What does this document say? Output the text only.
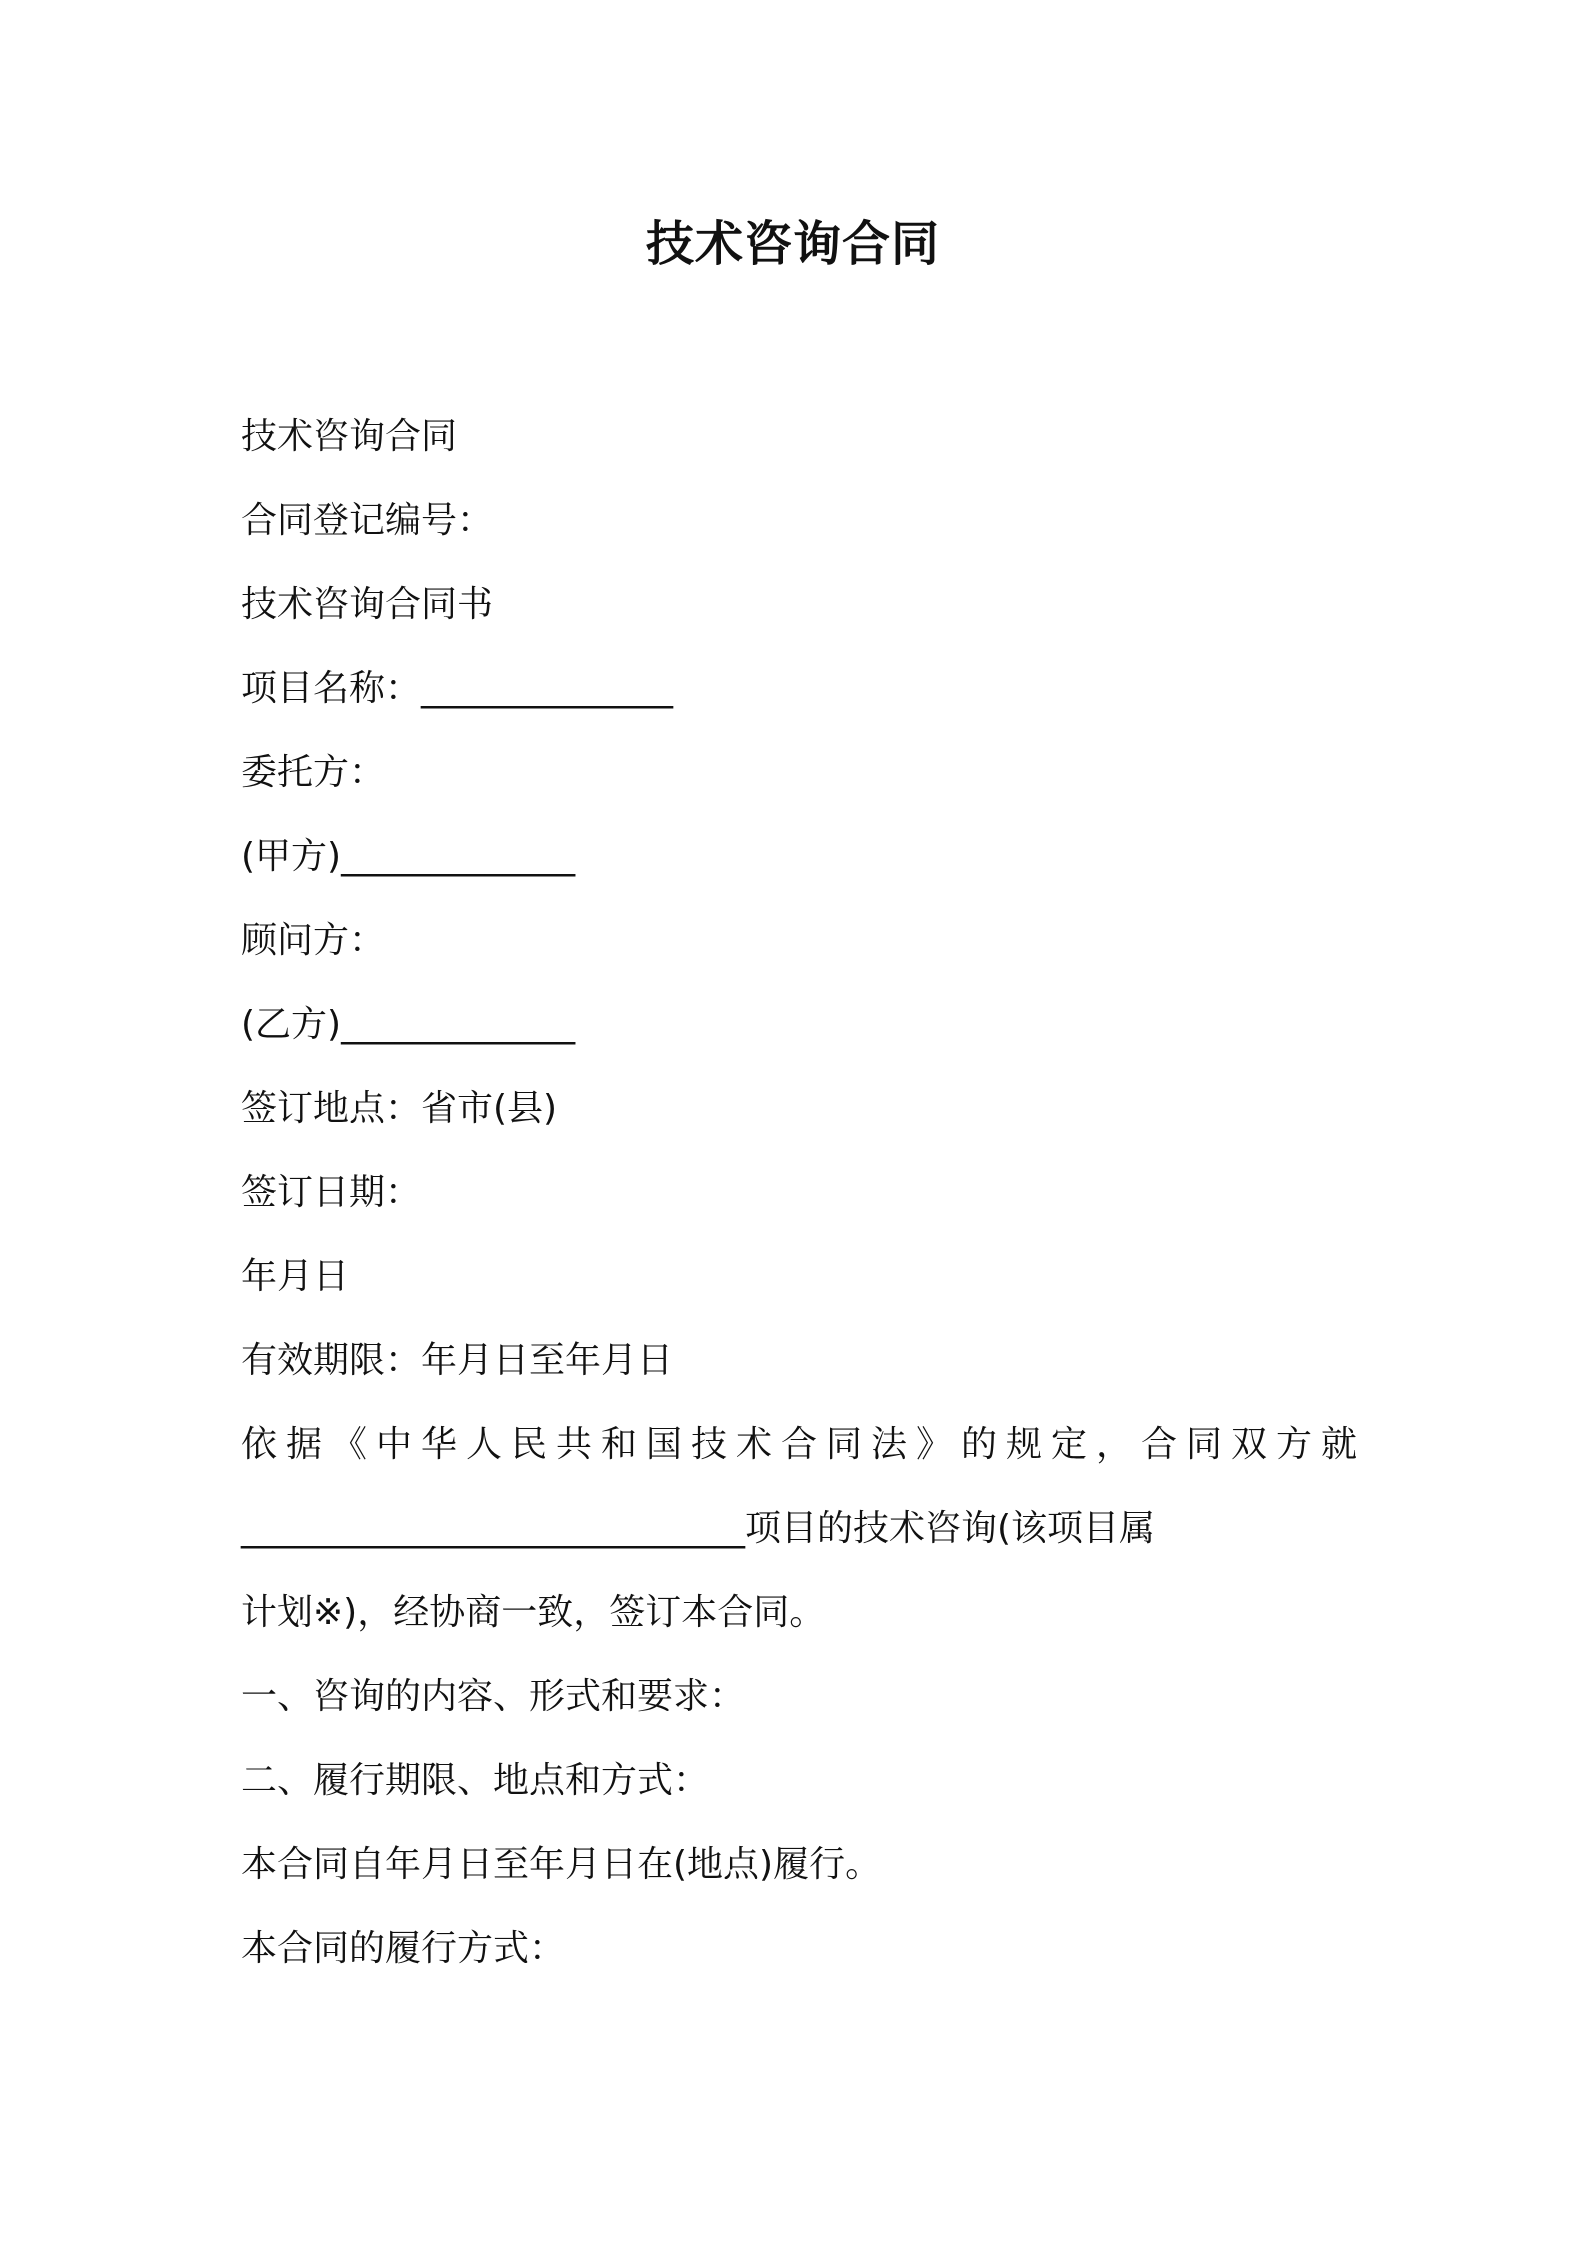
技术咨询合同
技术咨询合同
合同登记编号：
技术咨询合同书
项目名称：______________
委托方：
(甲方)_____________
顾问方：
(乙方)_____________
签订地点：省市(县)
签订日期：
年月日
有效期限：年月日至年月日
依据《中华人民共和国技术合同法》的规定，合同双方就
____________________________项目的技术咨询(该项目属
计划※)，经协商一致，签订本合同。
一、咨询的内容、形式和要求：
二、履行期限、地点和方式：
本合同自年月日至年月日在(地点)履行。
本合同的履行方式：
